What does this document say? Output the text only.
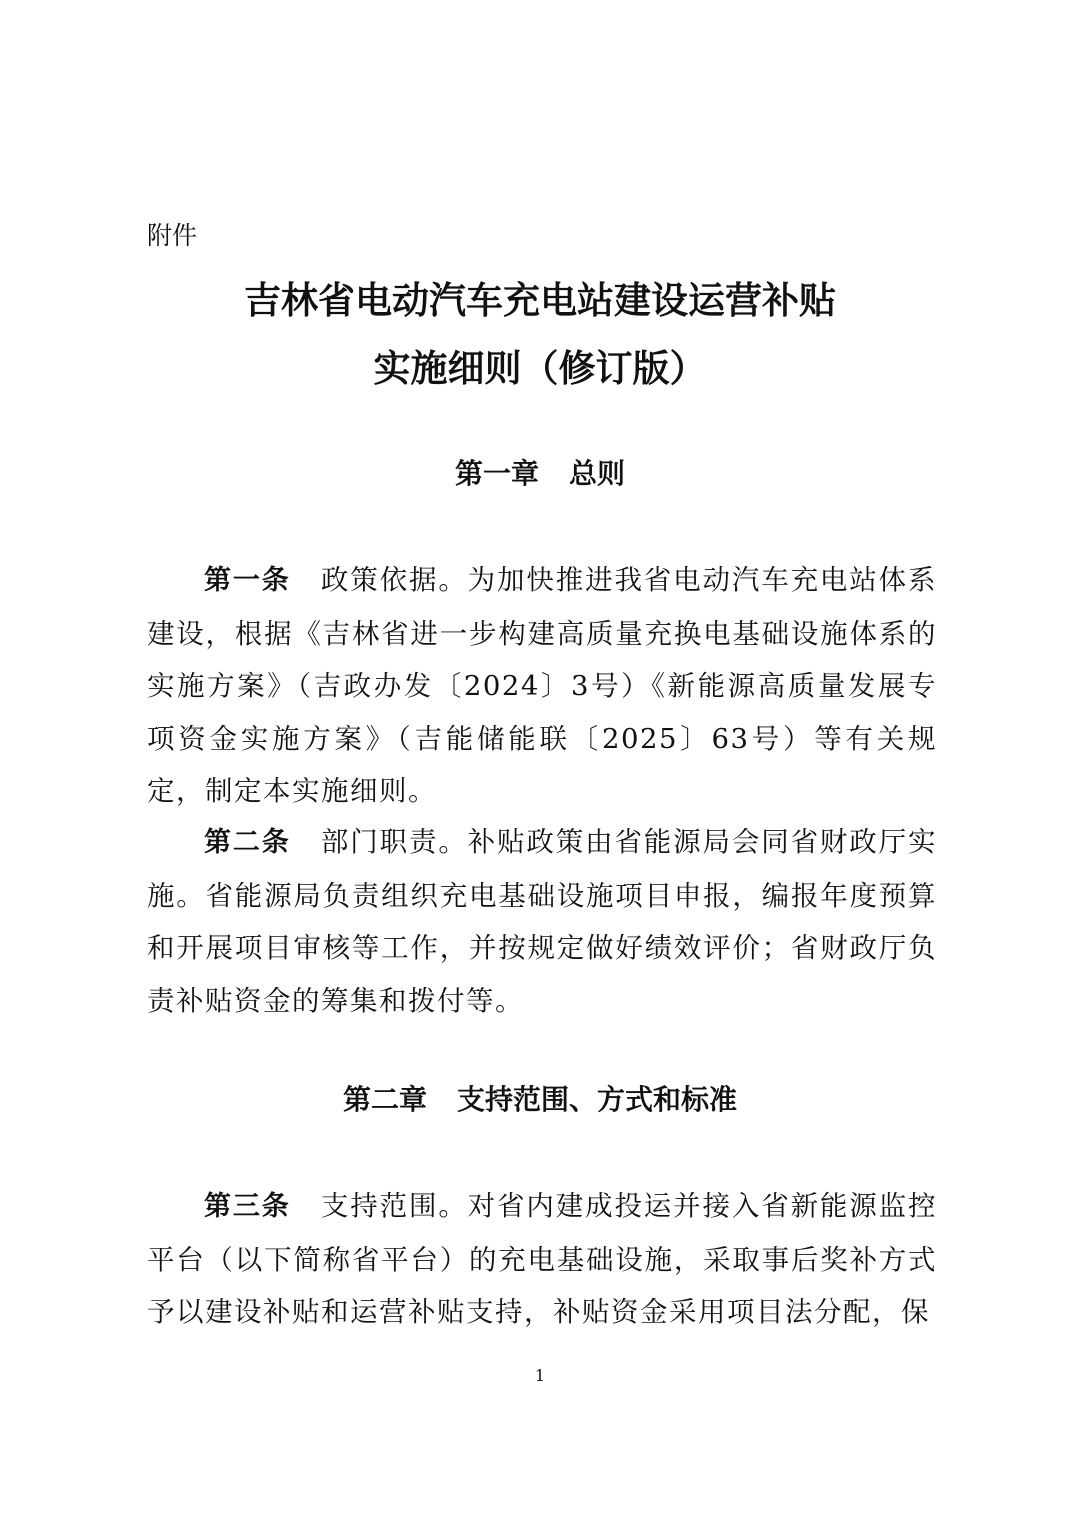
附件
吉林省电动汽车充电站建设运营补贴
实施细则（修订版）
第一章 总则

第一条 政策依据。为加快推进我省电动汽车充电站体系建设，根据《吉林省进一步构建高质量充换电基础设施体系的实施方案》（吉政办发〔2024〕3号）《新能源高质量发展专项资金实施方案》（吉能储能联〔2025〕63号）等有关规定，制定本实施细则。

第二条 部门职责。补贴政策由省能源局会同省财政厅实施。省能源局负责组织充电基础设施项目申报，编报年度预算和开展项目审核等工作，并按规定做好绩效评价；省财政厅负责补贴资金的筹集和拨付等。

第二章 支持范围、方式和标准

第三条 支持范围。对省内建成投运并接入省新能源监控平台（以下简称省平台）的充电基础设施，采取事后奖补方式予以建设补贴和运营补贴支持，补贴资金采用项目法分配，保

1
